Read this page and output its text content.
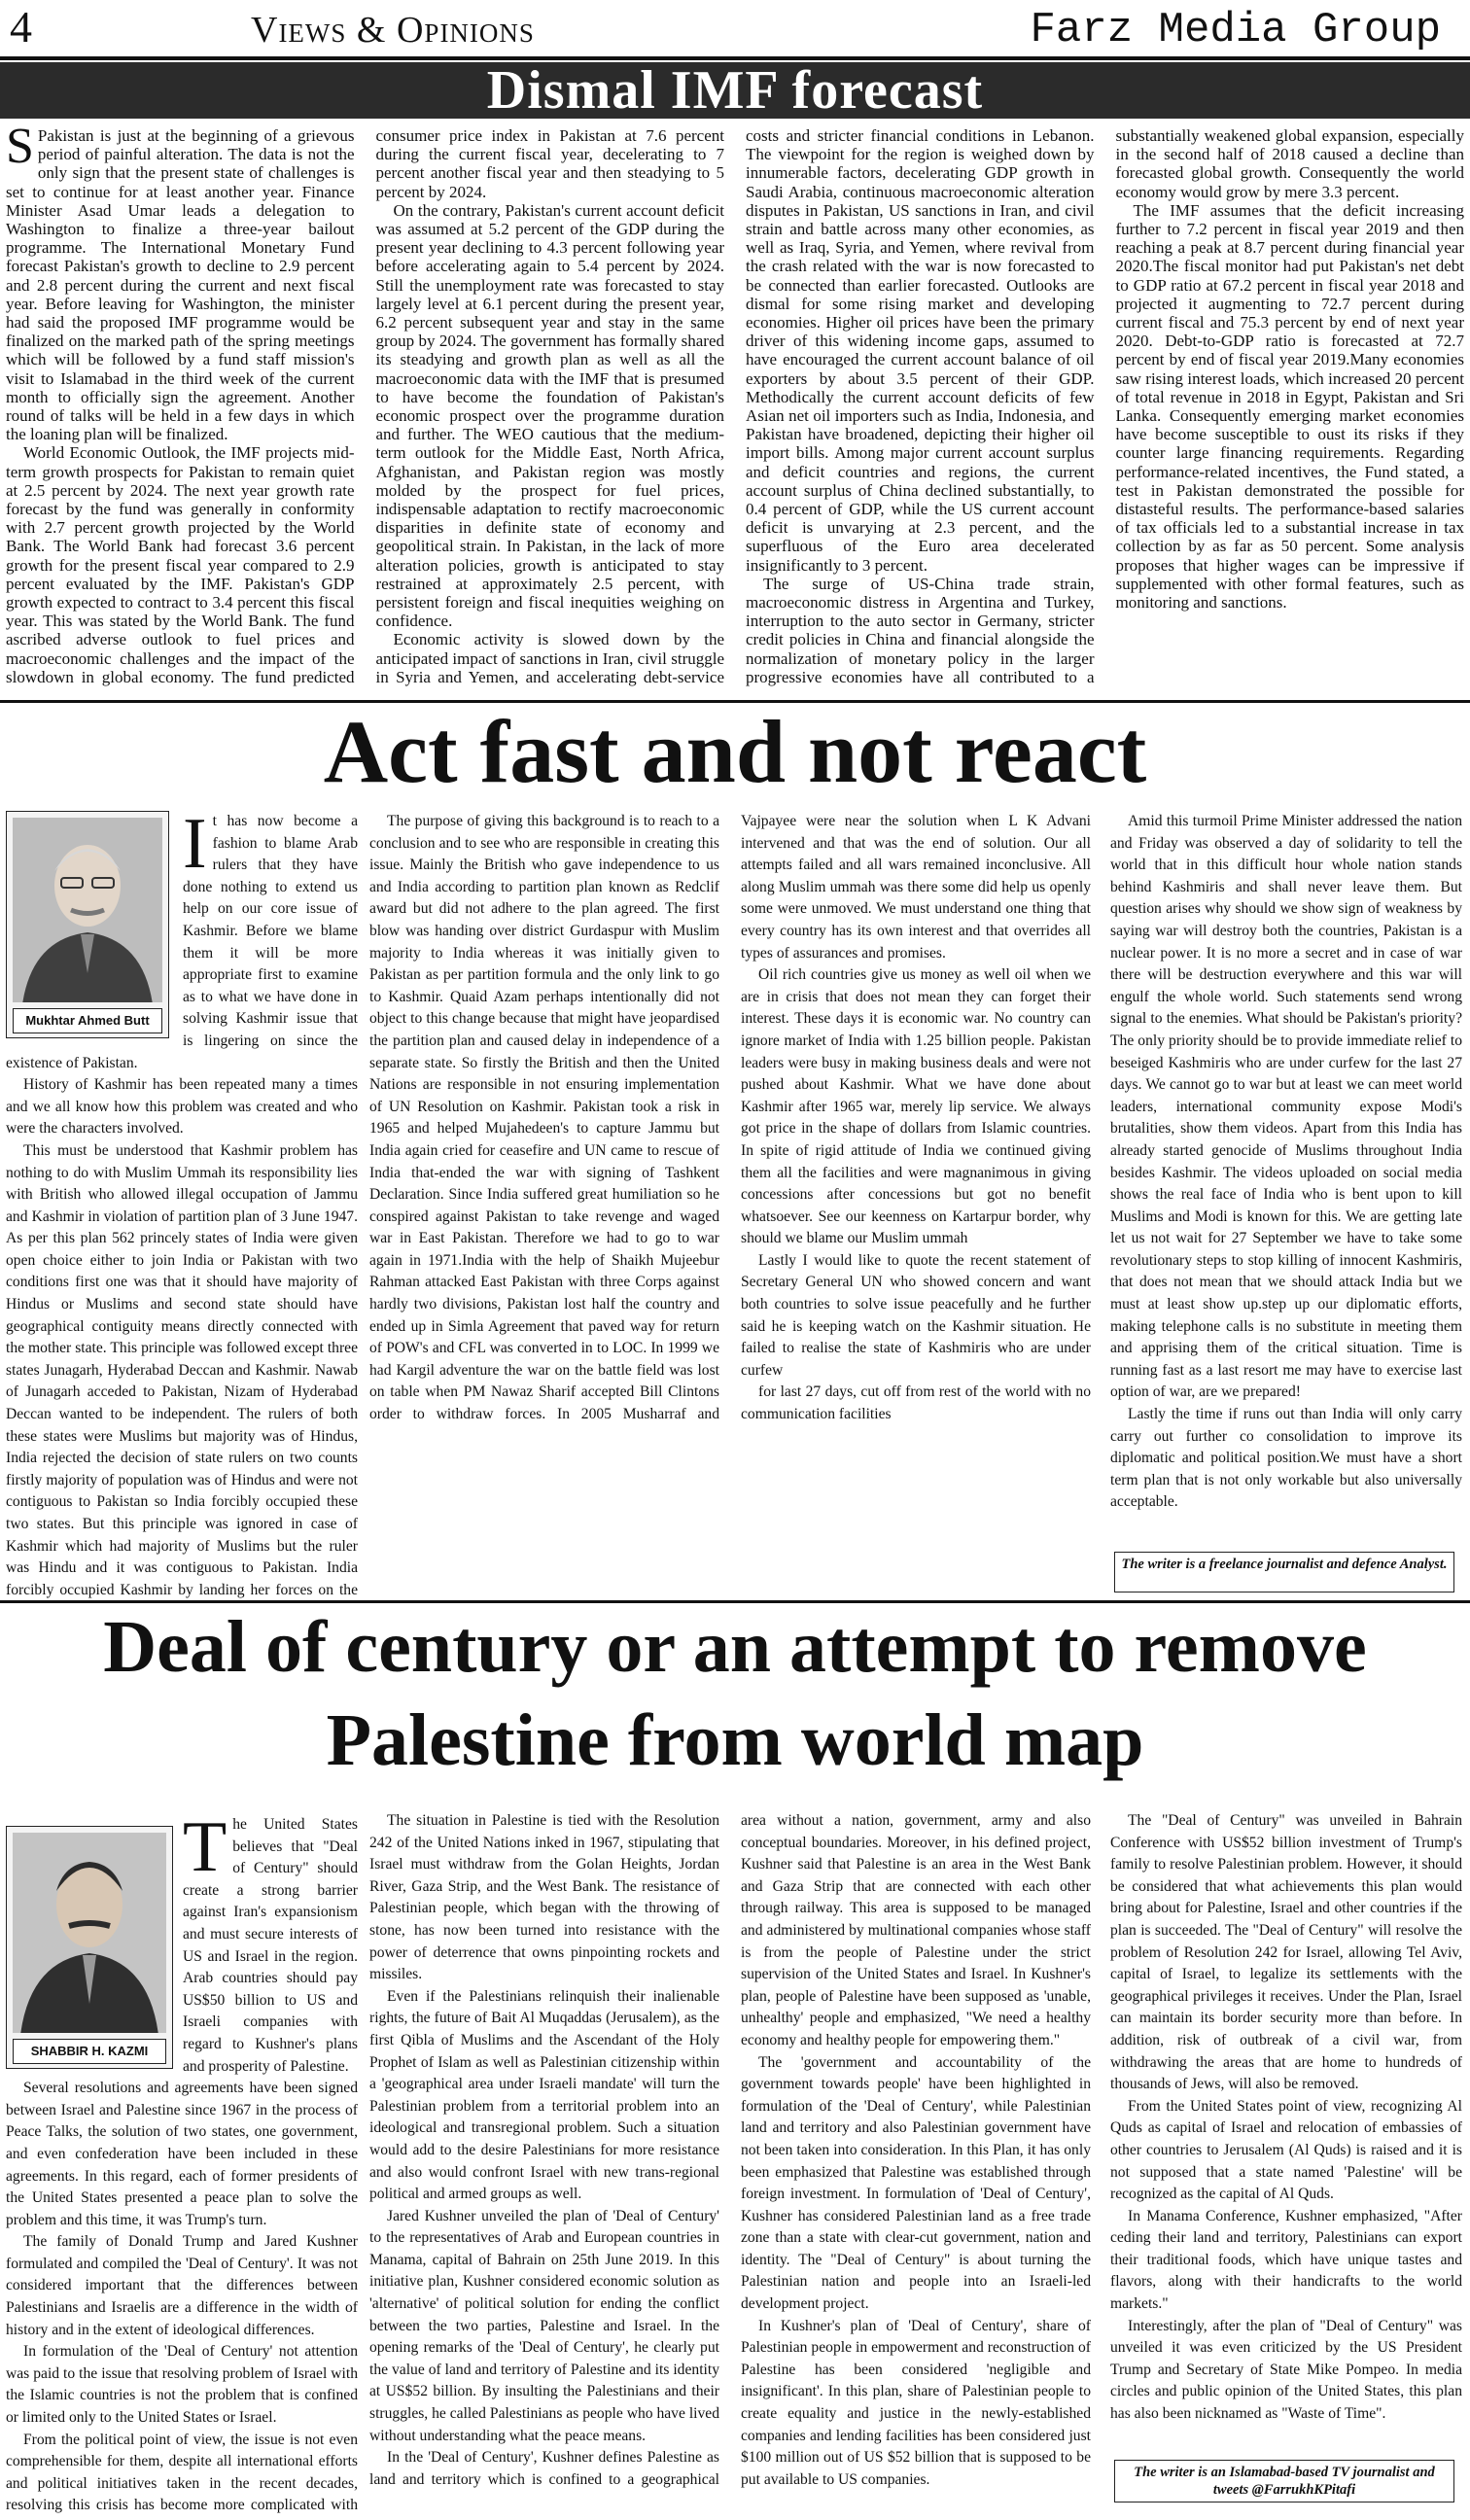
4	Views & Opinions	Farz Media Group
Dismal IMF forecast

S Pakistan is just at the beginning of a grievous period of painful alteration. The data is not the only sign that the present state of challenges is set to continue for at least another year. Finance Minister Asad Umar leads a delegation to Washington to finalize a three-year bailout programme. The International Monetary Fund forecast Pakistan's growth to decline to 2.9 percent and 2.8 percent during the current and next fiscal year. Before leaving for Washington, the minister had said the proposed IMF programme would be finalized on the marked path of the spring meetings which will be followed by a fund staff mission's visit to Islamabad in the third week of the current month to officially sign the agreement. Another round of talks will be held in a few days in which the loaning plan will be finalized.

World Economic Outlook, the IMF projects mid-term growth prospects for Pakistan to remain quiet at 2.5 percent by 2024. The next year growth rate forecast by the fund was generally in conformity with 2.7 percent growth projected by the World Bank. The World Bank had forecast 3.6 percent growth for the present fiscal year compared to 2.9 percent evaluated by the IMF. Pakistan's GDP growth expected to contract to 3.4 percent this fiscal year. This was stated by the World Bank. The fund ascribed adverse outlook to fuel prices and macroeconomic challenges and the impact of the slowdown in global economy. The fund predicted consumer price index in Pakistan at 7.6 percent during the current fiscal year, decelerating to 7 percent another fiscal year and then steadying to 5 percent by 2024.

On the contrary, Pakistan's current account deficit was assumed at 5.2 percent of the GDP during the present year declining to 4.3 percent following year before accelerating again to 5.4 percent by 2024. Still the unemployment rate was forecasted to stay largely level at 6.1 percent during the present year, 6.2 percent subsequent year and stay in the same group by 2024. The government has formally shared its steadying and growth plan as well as all the macroeconomic data with the IMF that is presumed to have become the foundation of Pakistan's economic prospect over the programme duration and further. The WEO cautious that the medium-term outlook for the Middle East, North Africa, Afghanistan, and Pakistan region was mostly molded by the prospect for fuel prices, indispensable adaptation to rectify macroeconomic disparities in definite state of economy and geopolitical strain. In Pakistan, in the lack of more alteration policies, growth is anticipated to stay restrained at approximately 2.5 percent, with persistent foreign and fiscal inequities weighing on confidence.

Economic activity is slowed down by the anticipated impact of sanctions in Iran, civil struggle in Syria and Yemen, and accelerating debt-service costs and stricter financial conditions in Lebanon. The viewpoint for the region is weighed down by innumerable factors, decelerating GDP growth in Saudi Arabia, continuous macroeconomic alteration disputes in Pakistan, US sanctions in Iran, and civil strain and battle across many other economies, as well as Iraq, Syria, and Yemen, where revival from the crash related with the war is now forecasted to be connected than earlier forecasted. Outlooks are dismal for some rising market and developing economies. Higher oil prices have been the primary driver of this widening income gaps, assumed to have encouraged the current account balance of oil exporters by about 3.5 percent of their GDP. Methodically the current account deficits of few Asian net oil importers such as India, Indonesia, and Pakistan have broadened, depicting their higher oil import bills. Among major current account surplus and deficit countries and regions, the current account surplus of China declined substantially, to 0.4 percent of GDP, while the US current account deficit is unvarying at 2.3 percent, and the superfluous of the Euro area decelerated insignificantly to 3 percent.

The surge of US-China trade strain, macroeconomic distress in Argentina and Turkey, interruption to the auto sector in Germany, stricter credit policies in China and financial alongside the normalization of monetary policy in the larger progressive economies have all contributed to a substantially weakened global expansion, especially in the second half of 2018 caused a decline than forecasted global growth. Consequently the world economy would grow by mere 3.3 percent.

The IMF assumes that the deficit increasing further to 7.2 percent in fiscal year 2019 and then reaching a peak at 8.7 percent during financial year 2020.The fiscal monitor had put Pakistan's net debt to GDP ratio at 67.2 percent in fiscal year 2018 and projected it augmenting to 72.7 percent during current fiscal and 75.3 percent by end of next year 2020. Debt-to-GDP ratio is forecasted at 72.7 percent by end of fiscal year 2019.Many economies saw rising interest loads, which increased 20 percent of total revenue in 2018 in Egypt, Pakistan and Sri Lanka. Consequently emerging market economies have become susceptible to oust its risks if they counter large financing requirements. Regarding performance-related incentives, the Fund stated, a test in Pakistan demonstrated the possible for distasteful results. The performance-based salaries of tax officials led to a substantial increase in tax collection by as far as 50 percent. Some analysis proposes that higher wages can be impressive if supplemented with other formal features, such as monitoring and sanctions.

Act fast and not react
Mukhtar Ahmed Butt

It has now become a fashion to blame Arab rulers that they have done nothing to extend us help on our core issue of Kashmir. Before we blame them it will be more appropriate first to examine as to what we have done in solving Kashmir issue that is lingering on since the existence of Pakistan.

History of Kashmir has been repeated many a times and we all know how this problem was created and who were the characters involved.

This must be understood that Kashmir problem has nothing to do with Muslim Ummah its responsibility lies with British who allowed illegal occupation of Jammu and Kashmir in violation of partition plan of 3 June 1947. As per this plan 562 princely states of India were given open choice either to join India or Pakistan with two conditions first one was that it should have majority of Hindus or Muslims and second state should have geographical contiguity means directly connected with the mother state. This principle was followed except three states Junagarh, Hyderabad Deccan and Kashmir. Nawab of Junagarh acceded to Pakistan, Nizam of Hyderabad Deccan wanted to be independent. The rulers of both these states were Muslims but majority was of Hindus, India rejected the decision of state rulers on two counts firstly majority of population was of Hindus and were not contiguous to Pakistan so India forcibly occupied these two states. But this principle was ignored in case of Kashmir which had majority of Muslims but the ruler was Hindu and it was contiguous to Pakistan. India forcibly occupied Kashmir by landing her forces on the

The purpose of giving this background is to reach to a conclusion and to see who are responsible in creating this issue. Mainly the British who gave independence to us and India according to partition plan known as Redclif award but did not adhere to the plan agreed. The first blow was handing over district Gurdaspur with Muslim majority to India whereas it was initially given to Pakistan as per partition formula and the only link to go to Kashmir. Quaid Azam perhaps intentionally did not object to this change because that might have jeopardised the partition plan and caused delay in independence of a separate state. So firstly the British and then the United Nations are responsible in not ensuring implementation of UN Resolution on Kashmir. Pakistan took a risk in 1965 and helped Mujahedeen's to capture Jammu but India again cried for ceasefire and UN came to rescue of India that-ended the war with signing of Tashkent Declaration. Since India suffered great humiliation so he conspired against Pakistan to take revenge and waged war in East Pakistan. Therefore we had to go to war again in 1971.India with the help of Shaikh Mujeebur Rahman attacked East Pakistan with three Corps against hardly two divisions, Pakistan lost half the country and ended up in Simla Agreement that paved way for return of POW's and CFL was converted in to LOC. In 1999 we had Kargil adventure the war on the battle field was lost on table when PM Nawaz Sharif accepted Bill Clintons order to withdraw forces. In 2005 Musharraf and Vajpayee were near the solution when L K Advani intervened and that was the end of solution. Our all attempts failed and all wars remained inconclusive. All along Muslim ummah was there some did help us openly some were unmoved. We must understand one thing that every country has its own interest and that overrides all types of assurances and promises.

Oil rich countries give us money as well oil when we are in crisis that does not mean they can forget their interest. These days it is economic war. No country can ignore market of India with 1.25 billion people. Pakistan leaders were busy in making business deals and were not pushed about Kashmir. What we have done about Kashmir after 1965 war, merely lip service. We always got price in the shape of dollars from Islamic countries. In spite of rigid attitude of India we continued giving them all the facilities and were magnanimous in giving concessions after concessions but got no benefit whatsoever. See our keenness on Kartarpur border, why should we blame our Muslim ummah

Lastly I would like to quote the recent statement of Secretary General UN who showed concern and want both countries to solve issue peacefully and he further said he is keeping watch on the Kashmir situation. He failed to realise the state of Kashmiris who are under curfew

for last 27 days, cut off from rest of the world with no communication facilities

Amid this turmoil Prime Minister addressed the nation and Friday was observed a day of solidarity to tell the world that in this difficult hour whole nation stands behind Kashmiris and shall never leave them. But question arises why should we show sign of weakness by saying war will destroy both the countries, Pakistan is a nuclear power. It is no more a secret and in case of war there will be destruction everywhere and this war will engulf the whole world. Such statements send wrong signal to the enemies. What should be Pakistan's priority? The only priority should be to provide immediate relief to beseiged Kashmiris who are under curfew for the last 27 days. We cannot go to war but at least we can meet world leaders, international community expose Modi's brutalities, show them videos. Apart from this India has already started genocide of Muslims throughout India besides Kashmir. The videos uploaded on social media shows the real face of India who is bent upon to kill Muslims and Modi is known for this. We are getting late let us not wait for 27 September we have to take some revolutionary steps to stop killing of innocent Kashmiris, that does not mean that we should attack India but we must at least show up.step up our diplomatic efforts, making telephone calls is no substitute in meeting them and apprising them of the critical situation. Time is running fast as a last resort me may have to exercise last option of war, are we prepared!

Lastly the time if runs out than India will only carry carry out further co consolidation to improve its diplomatic and political position.We must have a short term plan that is not only workable but also universally acceptable.

The writer is a freelance journalist and defence Analyst.
Deal of century or an attempt to remove
Palestine from world map
SHABBIR H. KAZMI

The United States believes that "Deal of Century" should create a strong barrier against Iran's expansionism and must secure interests of US and Israel in the region. Arab countries should pay US$50 billion to US and Israeli companies with regard to Kushner's plans and prosperity of Palestine.

Several resolutions and agreements have been signed between Israel and Palestine since 1967 in the process of Peace Talks, the solution of two states, one government, and even confederation have been included in these agreements. In this regard, each of former presidents of the United States presented a peace plan to solve the problem and this time, it was Trump's turn.

The family of Donald Trump and Jared Kushner formulated and compiled the 'Deal of Century'. It was not considered important that the differences between Palestinians and Israelis are a difference in the width of history and in the extent of ideological differences.

In formulation of the 'Deal of Century' not attention was paid to the issue that resolving problem of Israel with the Islamic countries is not the problem that is confined or limited only to the United States or Israel.

From the political point of view, the issue is not even comprehensible for them, despite all international efforts and political initiatives taken in the recent decades, resolving this crisis has become more complicated with

The situation in Palestine is tied with the Resolution 242 of the United Nations inked in 1967, stipulating that Israel must withdraw from the Golan Heights, Jordan River, Gaza Strip, and the West Bank. The resistance of Palestinian people, which began with the throwing of stone, has now been turned into resistance with the power of deterrence that owns pinpointing rockets and missiles.

Even if the Palestinians relinquish their inalienable rights, the future of Bait Al Muqaddas (Jerusalem), as the first Qibla of Muslims and the Ascendant of the Holy Prophet of Islam as well as Palestinian citizenship within a 'geographical area under Israeli mandate' will turn the Palestinian problem from a territorial problem into an ideological and transregional problem. Such a situation would add to the desire Palestinians for more resistance and also would confront Israel with new trans-regional political and armed groups as well.

Jared Kushner unveiled the plan of 'Deal of Century' to the representatives of Arab and European countries in Manama, capital of Bahrain on 25th June 2019. In this initiative plan, Kushner considered economic solution as 'alternative' of political solution for ending the conflict between the two parties, Palestine and Israel. In the opening remarks of the 'Deal of Century', he clearly put the value of land and territory of Palestine and its identity at US$52 billion. By insulting the Palestinians and their struggles, he called Palestinians as people who have lived without understanding what the peace means.

In the 'Deal of Century', Kushner defines Palestine as land and territory which is confined to a geographical area without a nation, government, army and also conceptual boundaries. Moreover, in his defined project, Kushner said that Palestine is an area in the West Bank and Gaza Strip that are connected with each other through railway. This area is supposed to be managed and administered by multinational companies whose staff is from the people of Palestine under the strict supervision of the United States and Israel. In Kushner's plan, people of Palestine have been supposed as 'unable, unhealthy' people and emphasized, "We need a healthy economy and healthy people for empowering them."

The 'government and accountability of the government towards people' have been highlighted in formulation of the 'Deal of Century', while Palestinian land and territory and also Palestinian government have not been taken into consideration. In this Plan, it has only been emphasized that Palestine was established through foreign investment. In formulation of 'Deal of Century', Kushner has considered Palestinian land as a free trade zone than a state with clear-cut government, nation and identity. The "Deal of Century" is about turning the Palestinian nation and people into an Israeli-led development project.

In Kushner's plan of 'Deal of Century', share of Palestinian people in empowerment and reconstruction of Palestine has been considered 'negligible and insignificant'. In this plan, share of Palestinian people to create equality and justice in the newly-established companies and lending facilities has been considered just $100 million out of US $52 billion that is supposed to be put available to US companies.

The "Deal of Century" was unveiled in Bahrain Conference with US$52 billion investment of Trump's family to resolve Palestinian problem. However, it should be considered that what achievements this plan would bring about for Palestine, Israel and other countries if the plan is succeeded. The "Deal of Century" will resolve the problem of Resolution 242 for Israel, allowing Tel Aviv, capital of Israel, to legalize its settlements with the geographical privileges it receives. Under the Plan, Israel can maintain its border security more than before. In addition, risk of outbreak of a civil war, from withdrawing the areas that are home to hundreds of thousands of Jews, will also be removed.

From the United States point of view, recognizing Al Quds as capital of Israel and relocation of embassies of other countries to Jerusalem (Al Quds) is raised and it is not supposed that a state named 'Palestine' will be recognized as the capital of Al Quds.

In Manama Conference, Kushner emphasized, "After ceding their land and territory, Palestinians can export their traditional foods, which have unique tastes and flavors, along with their handicrafts to the world markets."

Interestingly, after the plan of "Deal of Century" was unveiled it was even criticized by the US President Trump and Secretary of State Mike Pompeo. In media circles and public opinion of the United States, this plan has also been nicknamed as "Waste of Time".

The writer is an Islamabad-based TV journalist and tweets @FarrukhKPitafi
